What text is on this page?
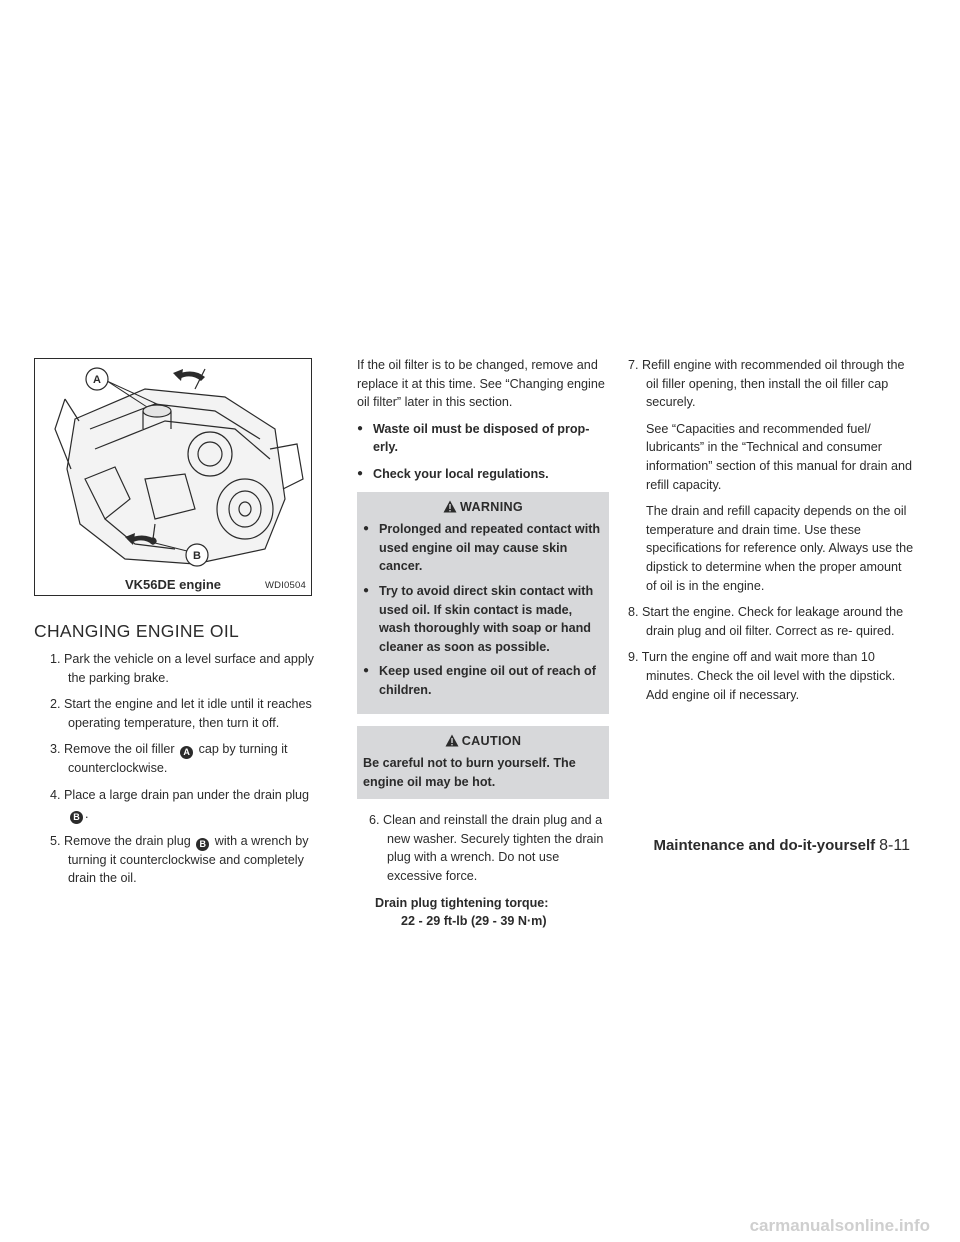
A
B
WDI0504
VK56DE engine
CHANGING ENGINE OIL
1. Park the vehicle on a level surface and apply the parking brake.
2. Start the engine and let it idle until it reaches operating temperature, then turn it off.
3. Remove the oil filler A cap by turning it counterclockwise.
4. Place a large drain pan under the drain plug B .
5. Remove the drain plug B with a wrench by turning it counterclockwise and completely drain the oil.

If the oil filter is to be changed, remove and replace it at this time. See “Changing engine oil filter” later in this section.

● Waste oil must be disposed of prop- erly.
● Check your local regulations.
WARNING
● Prolonged and repeated contact with used engine oil may cause skin cancer.
● Try to avoid direct skin contact with used oil. If skin contact is made, wash thoroughly with soap or hand cleaner as soon as possible.
● Keep used engine oil out of reach of children.
CAUTION
Be careful not to burn yourself. The engine oil may be hot.
6. Clean and reinstall the drain plug and a new washer. Securely tighten the drain plug with a wrench. Do not use excessive force.
Drain plug tightening torque:
22 - 29 ft-lb (29 - 39 N·m)
7. Refill engine with recommended oil through the oil filler opening, then install the oil filler cap securely.

See “Capacities and recommended fuel/ lubricants” in the “Technical and consumer information” section of this manual for drain and refill capacity.

The drain and refill capacity depends on the oil temperature and drain time. Use these specifications for reference only. Always use the dipstick to determine when the proper amount of oil is in the engine.

8. Start the engine. Check for leakage around the drain plug and oil filter. Correct as re- quired.
9. Turn the engine off and wait more than 10 minutes. Check the oil level with the dipstick. Add engine oil if necessary.
Maintenance and do-it-yourself 8-11
carmanualsonline.info
